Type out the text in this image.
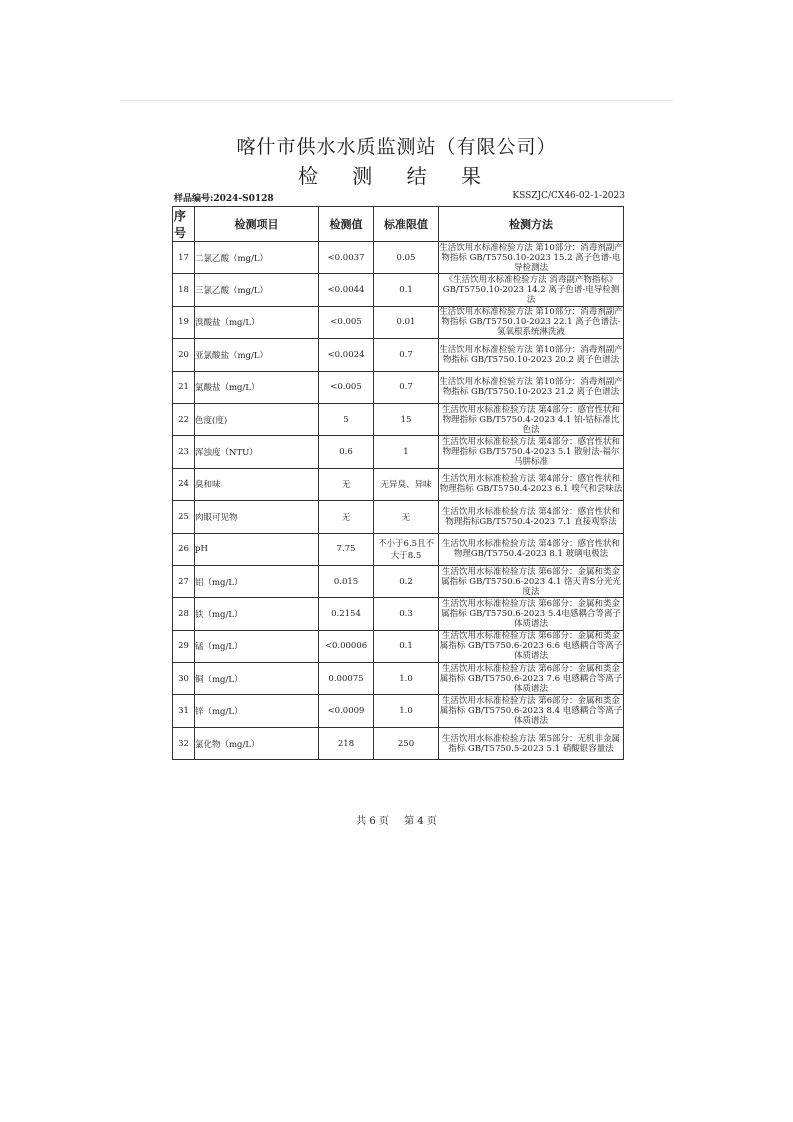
喀什市供水水质监测站（有限公司）
检 测 结 果
样品编号:2024-S0128	KSSZJC/CX46-02-1-2023
序号	检测项目	检测值	标准限值	检测方法
17	二氯乙酸（mg/L）	<0.0037	0.05	生活饮用水标准检验方法 第10部分：消毒剂副产物指标 GB/T5750.10-2023 15.2 离子色谱-电导检测法
18	三氯乙酸（mg/L）	<0.0044	0.1	《生活饮用水标准检验方法 消毒副产物指标》GB/T5750.10-2023 14.2 离子色谱-电导检测法
19	溴酸盐（mg/L）	<0.005	0.01	生活饮用水标准检验方法 第10部分：消毒剂副产物指标 GB/T5750.10-2023 22.1 离子色谱法-氢氧根系统淋洗液
20	亚氯酸盐（mg/L）	<0.0024	0.7	生活饮用水标准检验方法 第10部分：消毒剂副产物指标 GB/T5750.10-2023 20.2 离子色谱法
21	氯酸盐（mg/L）	<0.005	0.7	生活饮用水标准检验方法 第10部分：消毒剂副产物指标 GB/T5750.10-2023 21.2 离子色谱法
22	色度(度)	5	15	生活饮用水标准检验方法 第4部分：感官性状和物理指标 GB/T5750.4-2023 4.1 铂-钴标准比色法
23	浑浊度（NTU）	0.6	1	生活饮用水标准检验方法 第4部分：感官性状和物理指标 GB/T5750.4-2023 5.1 散射法-福尔马肼标准
24	臭和味	无	无异臭、异味	生活饮用水标准检验方法 第4部分：感官性状和物理指标 GB/T5750.4-2023 6.1 嗅气和尝味法
25	肉眼可见物	无	无	生活饮用水标准检验方法 第4部分：感官性状和物理指标GB/T5750.4-2023 7.1 直接观察法
26	pH	7.75	不小于6.5且不大于8.5	生活饮用水标准检验方法 第4部分：感官性状和物理GB/T5750.4-2023 8.1 玻璃电极法
27	铝（mg/L）	0.015	0.2	生活饮用水标准检验方法 第6部分：金属和类金属指标 GB/T5750.6-2023 4.1 铬天青S分光光度法
28	铁（mg/L）	0.2154	0.3	生活饮用水标准检验方法 第6部分：金属和类金属指标 GB/T5750.6-2023 5.4电感耦合等离子体质谱法
29	锰（mg/L）	<0.00006	0.1	生活饮用水标准检验方法 第6部分：金属和类金属指标 GB/T5750.6-2023 6.6 电感耦合等离子体质谱法
30	铜（mg/L）	0.00075	1.0	生活饮用水标准检验方法 第6部分：金属和类金属指标 GB/T5750.6-2023 7.6 电感耦合等离子体质谱法
31	锌（mg/L）	<0.0009	1.0	生活饮用水标准检验方法 第6部分：金属和类金属指标 GB/T5750.6-2023 8.4 电感耦合等离子体质谱法
32	氯化物（mg/L）	218	250	生活饮用水标准检验方法 第5部分：无机非金属指标 GB/T5750.5-2023 5.1 硝酸银容量法
共 6 页 第 4 页
